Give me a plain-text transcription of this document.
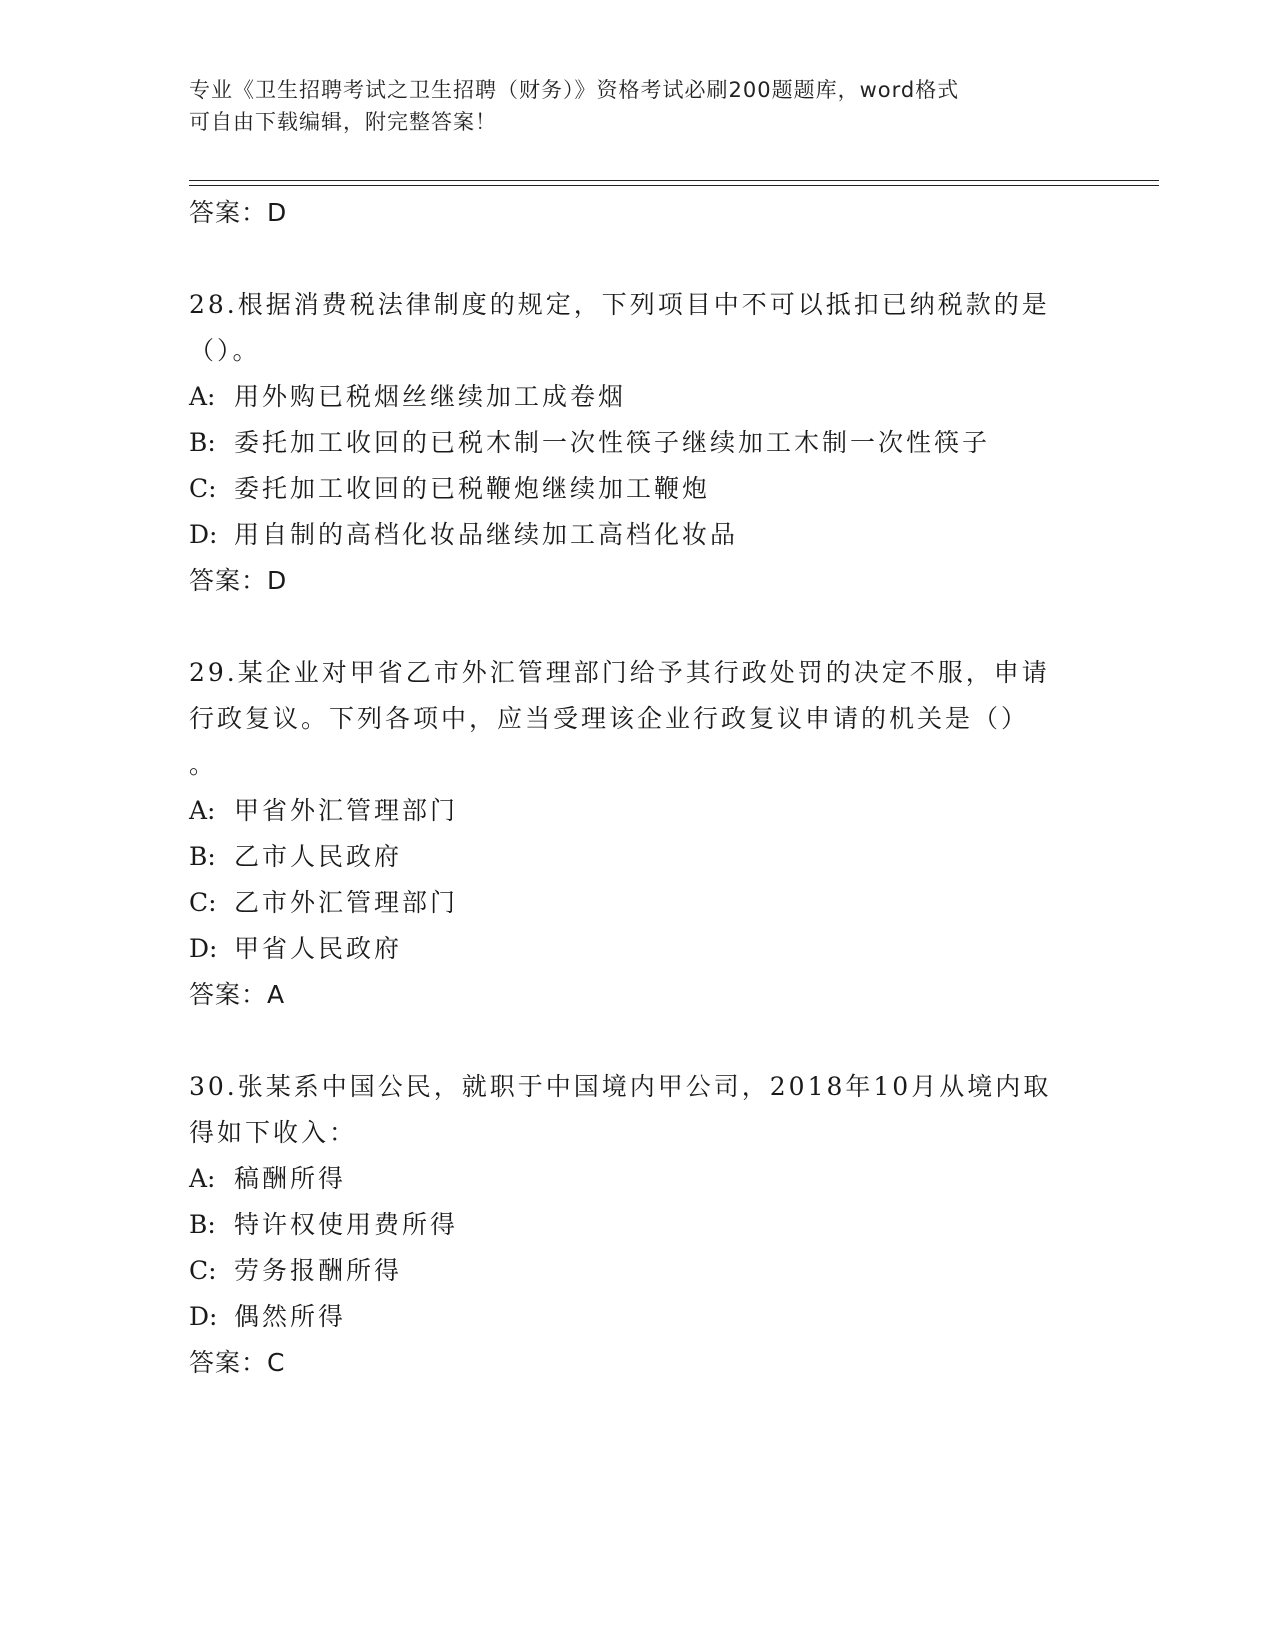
专业《卫生招聘考试之卫生招聘（财务）》资格考试必刷200题题库，word格式
可自由下载编辑，附完整答案！
答案：D
28.根据消费税法律制度的规定，下列项目中不可以抵扣已纳税款的是
（）。
A: 用外购已税烟丝继续加工成卷烟
B: 委托加工收回的已税木制一次性筷子继续加工木制一次性筷子
C: 委托加工收回的已税鞭炮继续加工鞭炮
D: 用自制的高档化妆品继续加工高档化妆品
答案：D
29.某企业对甲省乙市外汇管理部门给予其行政处罚的决定不服，申请
行政复议。下列各项中，应当受理该企业行政复议申请的机关是（）
。
A: 甲省外汇管理部门
B: 乙市人民政府
C: 乙市外汇管理部门
D: 甲省人民政府
答案：A
30.张某系中国公民，就职于中国境内甲公司，2018年10月从境内取
得如下收入：
A: 稿酬所得
B: 特许权使用费所得
C: 劳务报酬所得
D: 偶然所得
答案：C
